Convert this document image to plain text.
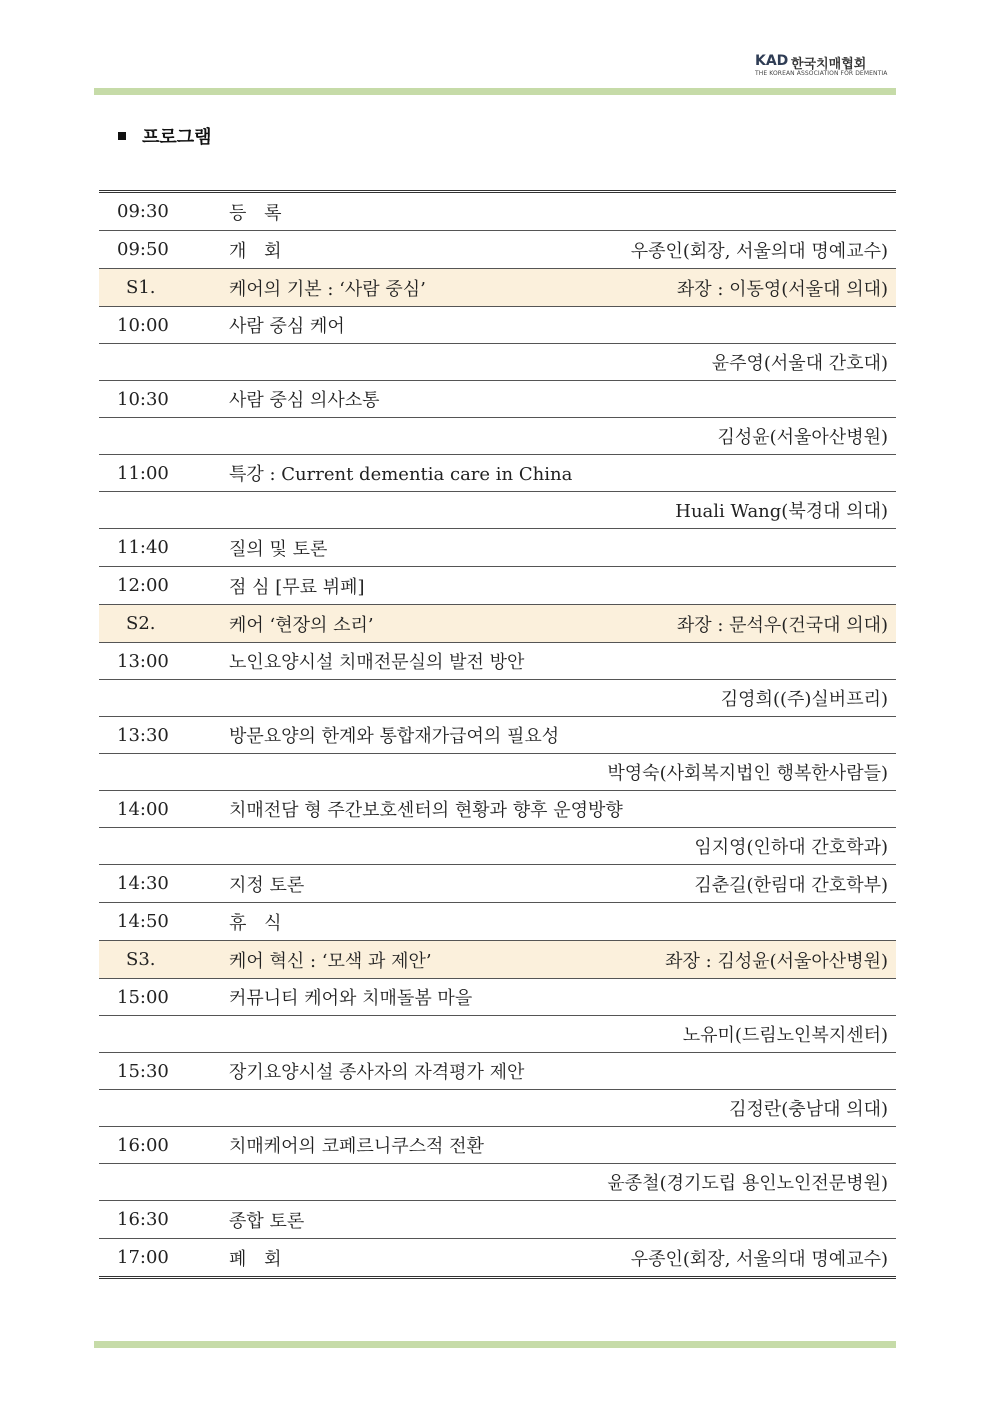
KAD 한국치매협회
THE KOREAN ASSOCIATION FOR DEMENTIA
프로그램
09:30	등 록	
09:50	개 회	우종인(회장, 서울의대 명예교수)
S1.	케어의 기본 : ‘사람 중심’	좌장 : 이동영(서울대 의대)
10:00	사람 중심 케어	
	윤주영(서울대 간호대)	
10:30	사람 중심 의사소통	
	김성윤(서울아산병원)	
11:00	특강 : Current dementia care in China	
	Huali Wang(북경대 의대)	
11:40	질의 및 토론	
12:00	점 심 [무료 뷔페]	
S2.	케어 ‘현장의 소리’	좌장 : 문석우(건국대 의대)
13:00	노인요양시설 치매전문실의 발전 방안	
	김영희((주)실버프리)	
13:30	방문요양의 한계와 통합재가급여의 필요성	
	박영숙(사회복지법인 행복한사람들)	
14:00	치매전담 형 주간보호센터의 현황과 향후 운영방향	
	임지영(인하대 간호학과)	
14:30	지정 토론	김춘길(한림대 간호학부)
14:50	휴 식	
S3.	케어 혁신 : ‘모색 과 제안’	좌장 : 김성윤(서울아산병원)
15:00	커뮤니티 케어와 치매돌봄 마을	
	노유미(드림노인복지센터)	
15:30	장기요양시설 종사자의 자격평가 제안	
	김정란(충남대 의대)	
16:00	치매케어의 코페르니쿠스적 전환	
	윤종철(경기도립 용인노인전문병원)	
16:30	종합 토론	
17:00	폐 회	우종인(회장, 서울의대 명예교수)
